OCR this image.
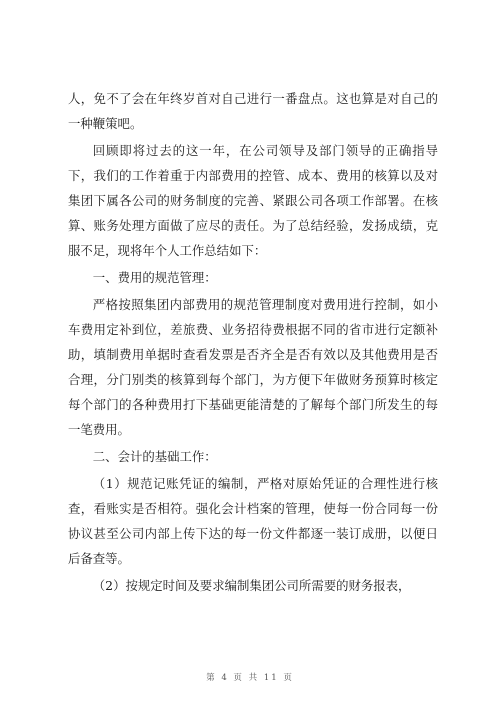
人，免不了会在年终岁首对自己进行一番盘点。这也算是对自己的一种鞭策吧。

回顾即将过去的这一年，在公司领导及部门领导的正确指导下，我们的工作着重于内部费用的控管、成本、费用的核算以及对集团下属各公司的财务制度的完善、紧跟公司各项工作部署。在核算、账务处理方面做了应尽的责任。为了总结经验，发扬成绩，克服不足，现将年个人工作总结如下：

一、费用的规范管理：

严格按照集团内部费用的规范管理制度对费用进行控制，如小车费用定补到位，差旅费、业务招待费根据不同的省市进行定额补助，填制费用单据时查看发票是否齐全是否有效以及其他费用是否合理，分门别类的核算到每个部门，为方便下年做财务预算时核定每个部门的各种费用打下基础更能清楚的了解每个部门所发生的每一笔费用。

二、会计的基础工作：

（1）规范记账凭证的编制，严格对原始凭证的合理性进行核查，看账实是否相符。强化会计档案的管理，使每一份合同每一份协议甚至公司内部上传下达的每一份文件都逐一装订成册，以便日后备查等。

（2）按规定时间及要求编制集团公司所需要的财务报表，

第 4 页 共 11 页
